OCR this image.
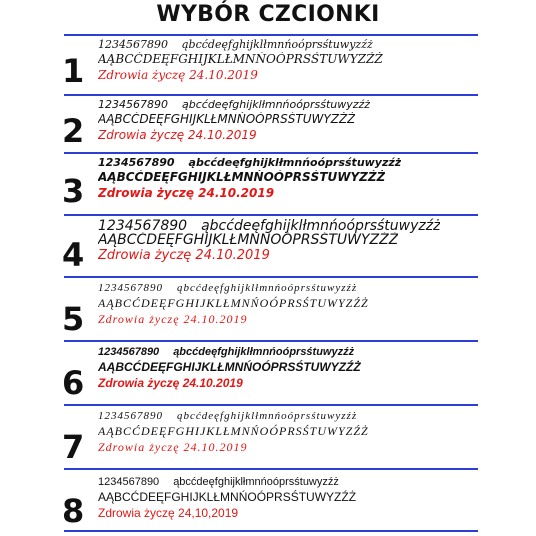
WYBÓR CZCIONKI
1
1234567890 ąbcćdeęfghijklłmnńoóprsśtuwyzźż
AĄBCĆDEĘFGHIJKLŁMNŃOÓPRSŚTUWYZŹŻ
Zdrowia życzę 24.10.2019
2
1234567890 ąbcćdeęfghijklłmnńoóprsśtuwyzźż
AĄBCĆDEĘFGHIJKLŁMNŃOÓPRSŚTUWYZŹŻ
Zdrowia życzę 24.10.2019
3
1234567890 ąbcćdeęfghijklłmnńoóprsśtuwyzźż
AĄBCĆDEĘFGHIJKLŁMNŃOÓPRSŚTUWYZŹŻ
Zdrowia życzę 24.10.2019
4
1234567890 ąbcćdeęfghijklłmnńoóprsśtuwyzźż
AĄBCĆDEĘFGHIJKLŁMNŃOÓPRSŚTUWYZŹŻ
Zdrowia życzę 24.10.2019
5
1234567890 ąbcćdeęfghijklłmnńoóprsśtuwyzźż
AĄBCĆDEĘFGHIJKLŁMNŃOÓPRSŚTUWYZŹŻ
Zdrowia życzę 24.10.2019
6
1234567890 ąbcćdeęfghijklłmnńoóprsśtuwyzźż
AĄBCĆDEĘFGHIJKLŁMNŃOÓPRSŚTUWYZŹŻ
Zdrowia życzę 24.10.2019
7
1234567890 ąbcćdeęfghijklłmnńoóprsśtuwyzźż
AĄBCĆDEĘFGHIJKLŁMNŃOÓPRSŚTUWYZŹŻ
Zdrowia życzę 24.10.2019
8
1234567890 ąbcćdeęfghijklłmnńoóprsśtuwyzźż
AĄBCĆDEĘFGHIJKLŁMNŃOÓPRSŚTUWYZŹŻ
Zdrowia życzę 24,10,2019
